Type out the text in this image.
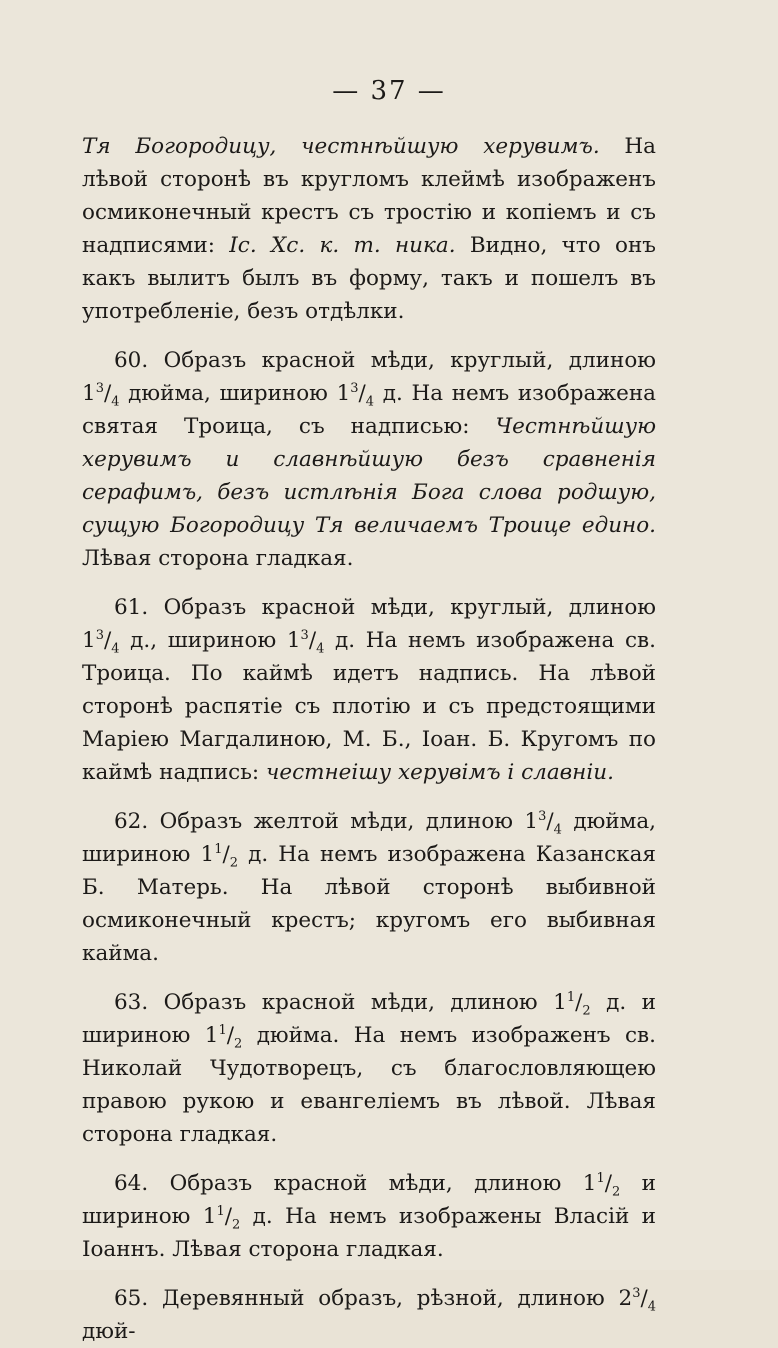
— 37 —

Тя Богородицу, честнѣйшую херувимъ. На лѣвой сторонѣ въ кругломъ клеймѣ изображенъ осмиконечный крестъ съ тростію и копіемъ и съ надписями: Іс. Хс. к. т. ника. Видно, что онъ какъ вылитъ былъ въ форму, такъ и пошелъ въ употребленіе, безъ отдѣлки.

60. Образъ красной мѣди, круглый, длиною $1^3/_4$ дюйма, шириною $1^3/_4$ д. На немъ изображена святая Троица, съ надписью: Честнѣйшую херувимъ и славнѣйшую безъ сравненія серафимъ, безъ истлѣнія Бога слова родшую, сущую Богородицу Тя величаемъ Троице едино. Лѣвая сторона гладкая.

61. Образъ красной мѣди, круглый, длиною $1^3/_4$ д., шириною $1^3/_4$ д. На немъ изображена св. Троица. По каймѣ идетъ надпись. На лѣвой сторонѣ распятіе съ плотію и съ предстоящими Маріею Магдалиною, М. Б., Іоан. Б. Кругомъ по каймѣ надпись: честнеішу херувімъ і славніи.

62. Образъ желтой мѣди, длиною $1^3/_4$ дюйма, шириною $1^1/_2$ д. На немъ изображена Казанская Б. Матерь. На лѣвой сторонѣ выбивной осмиконечный крестъ; кругомъ его выбивная кайма.

63. Образъ красной мѣди, длиною $1^1/_2$ д. и шириною $1^1/_2$ дюйма. На немъ изображенъ св. Николай Чудотворецъ, съ благословляющею правою рукою и евангеліемъ въ лѣвой. Лѣвая сторона гладкая.

64. Образъ красной мѣди, длиною $1^1/_2$ и шириною $1^1/_2$ д. На немъ изображены Власій и Іоаннъ. Лѣвая сторона гладкая.

65. Деревянный образъ, рѣзной, длиною $2^3/_4$ дюй-
